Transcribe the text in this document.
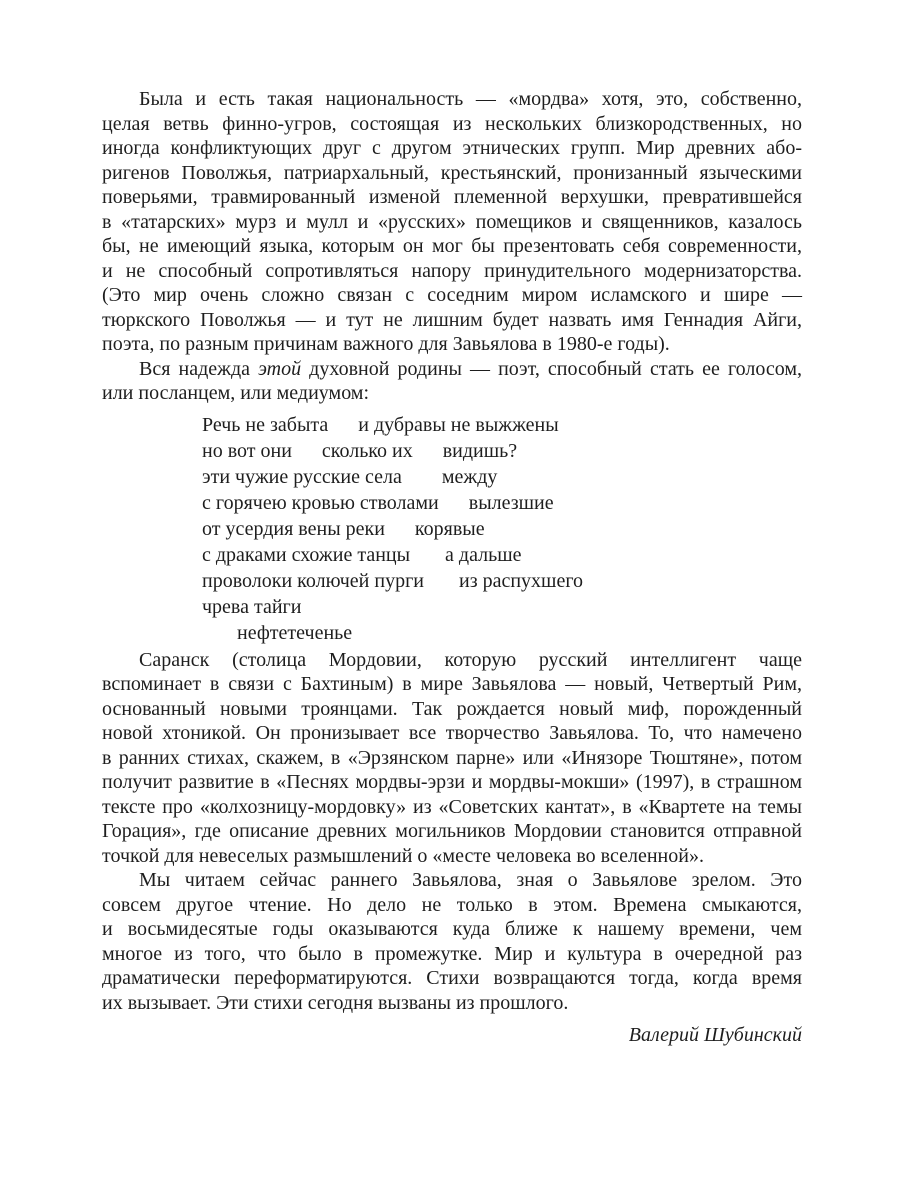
Была и есть такая национальность — «мордва» хотя, это, собственно,
целая ветвь финно-угров, состоящая из нескольких близкородственных, но
иногда конфликтующих друг с другом этнических групп. Мир древних або-
ригенов Поволжья, патриархальный, крестьянский, пронизанный языческими
поверьями, травмированный изменой племенной верхушки, превратившейся
в «татарских» мурз и мулл и «русских» помещиков и священников, казалось
бы, не имеющий языка, которым он мог бы презентовать себя современности,
и не способный сопротивляться напору принудительного модернизаторства.
(Это мир очень сложно связан с соседним миром исламского и шире —
тюркского Поволжья — и тут не лишним будет назвать имя Геннадия Айги,
поэта, по разным причинам важного для Завьялова в 1980-е годы).
Вся надежда этой духовной родины — поэт, способный стать ее голосом,
или посланцем, или медиумом:
Речь не забыта      и дубравы не выжжены
но вот они      сколько их      видишь?
эти чужие русские села        между
с горячею кровью стволами      вылезшие
от усердия вены реки      корявые
с драками схожие танцы       а дальше
проволоки колючей пурги       из распухшего
чрева тайги
нефтетеченье
Саранск (столица Мордовии, которую русский интеллигент чаще
вспоминает в связи с Бахтиным) в мире Завьялова — новый, Четвертый Рим,
основанный новыми троянцами. Так рождается новый миф, порожденный
новой хтоникой. Он пронизывает все творчество Завьялова. То, что намечено
в ранних стихах, скажем, в «Эрзянском парне» или «Инязоре Тюштяне», потом
получит развитие в «Песнях мордвы-эрзи и мордвы-мокши» (1997), в страшном
тексте про «колхозницу-мордовку» из «Советских кантат», в «Квартете на темы
Горация», где описание древних могильников Мордовии становится отправной
точкой для невеселых размышлений о «месте человека во вселенной».
Мы читаем сейчас раннего Завьялова, зная о Завьялове зрелом. Это
совсем другое чтение. Но дело не только в этом. Времена смыкаются,
и восьмидесятые годы оказываются куда ближе к нашему времени, чем
многое из того, что было в промежутке. Мир и культура в очередной раз
драматически переформатируются. Стихи возвращаются тогда, когда время
их вызывает. Эти стихи сегодня вызваны из прошлого.
Валерий Шубинский
